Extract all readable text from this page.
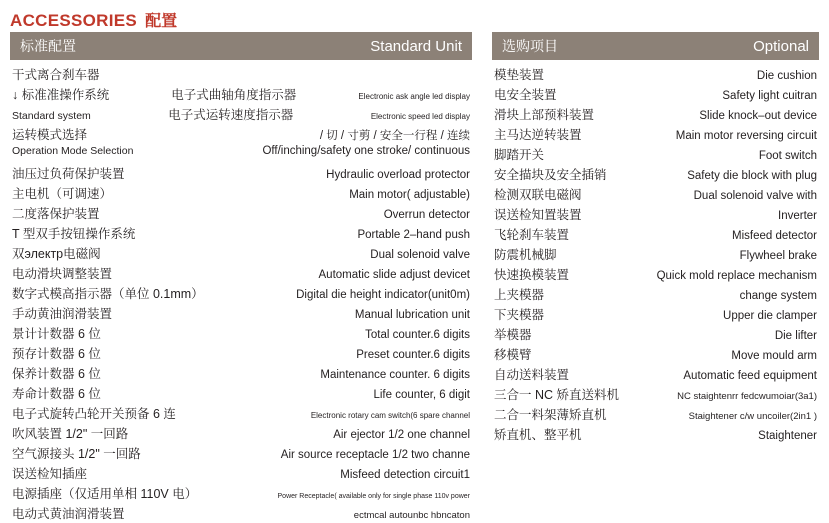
ACCESSORIES 配置
标准配置	Standard Unit
干式离合刹车器
↓ 标准准操作系统	电子式曲轴角度指示器	Electronic ask angle led display
Standard system	电子式运转速度指示器	Electronic speed led display
运转模式选择	/ 切 / 寸剪 / 安全一行程 / 连续
Operation Mode Selection	Off/inching/safety one stroke/ continuous
油压过负荷保护装置	Hydraulic overload protector
主电机（可调速）	Main motor( adjustable)
二度落保护装置	Overrun detector
T 型双手按钮操作系统	Portable 2–hand push
双электр电磁阀	Dual solenoid valve
电动滑块调整装置	Automatic slide adjust devicet
数字式模高指示器（单位 0.1mm）	Digital die height indicator(unit0m)
手动黄油润滑装置	Manual lubrication unit
景计计数器 6 位	Total counter.6 digits
预存计数器 6 位	Preset counter.6 digits
保养计数器 6 位	Maintenance counter. 6 digits
寿命计数器 6 位	Life counter, 6 digit
电子式旋转凸轮开关预备 6 连	Electronic rotary cam switch(6 spare channel
吹风装置 1/2" 一回路	Air ejector 1/2 one channel
空气源接头 1/2" 一回路	Air source receptacle 1/2 two channe
误送检知插座	Misfeed detection circuit1
电源插座（仅适用单相 110V 电）	Power Receptacle( available only for single phase 110v power
电动式黄油润滑装置	ectmcal autounbc hbncaton
选购项目	Optional
模垫装置	Die cushion
电安全装置	Safety light cuitran
滑块上部预料装置	Slide knock–out device
主马达逆转装置	Main motor reversing circuit
脚踏开关	Foot switch
安全描块及安全插销	Safety die block with plug
检测双联电磁阀	Dual solenoid valve with
误送检知置装置	Inverter
飞轮刹车装置	Misfeed detector
防震机械脚	Flywheel brake
快速换模装置	Quick mold replace mechanism
上夹模器	change system
下夹模器	Upper die clamper
举模器	Die lifter
移模臂	Move mould arm
自动送料装置	Automatic feed equipment
三合一 NC 矫直送料机	NC staightenrr fedcwumoiar(3a1)
二合一料架薄矫直机	Staightener c/w uncoiler(2in1 )
矫直机、整平机	Staightener
